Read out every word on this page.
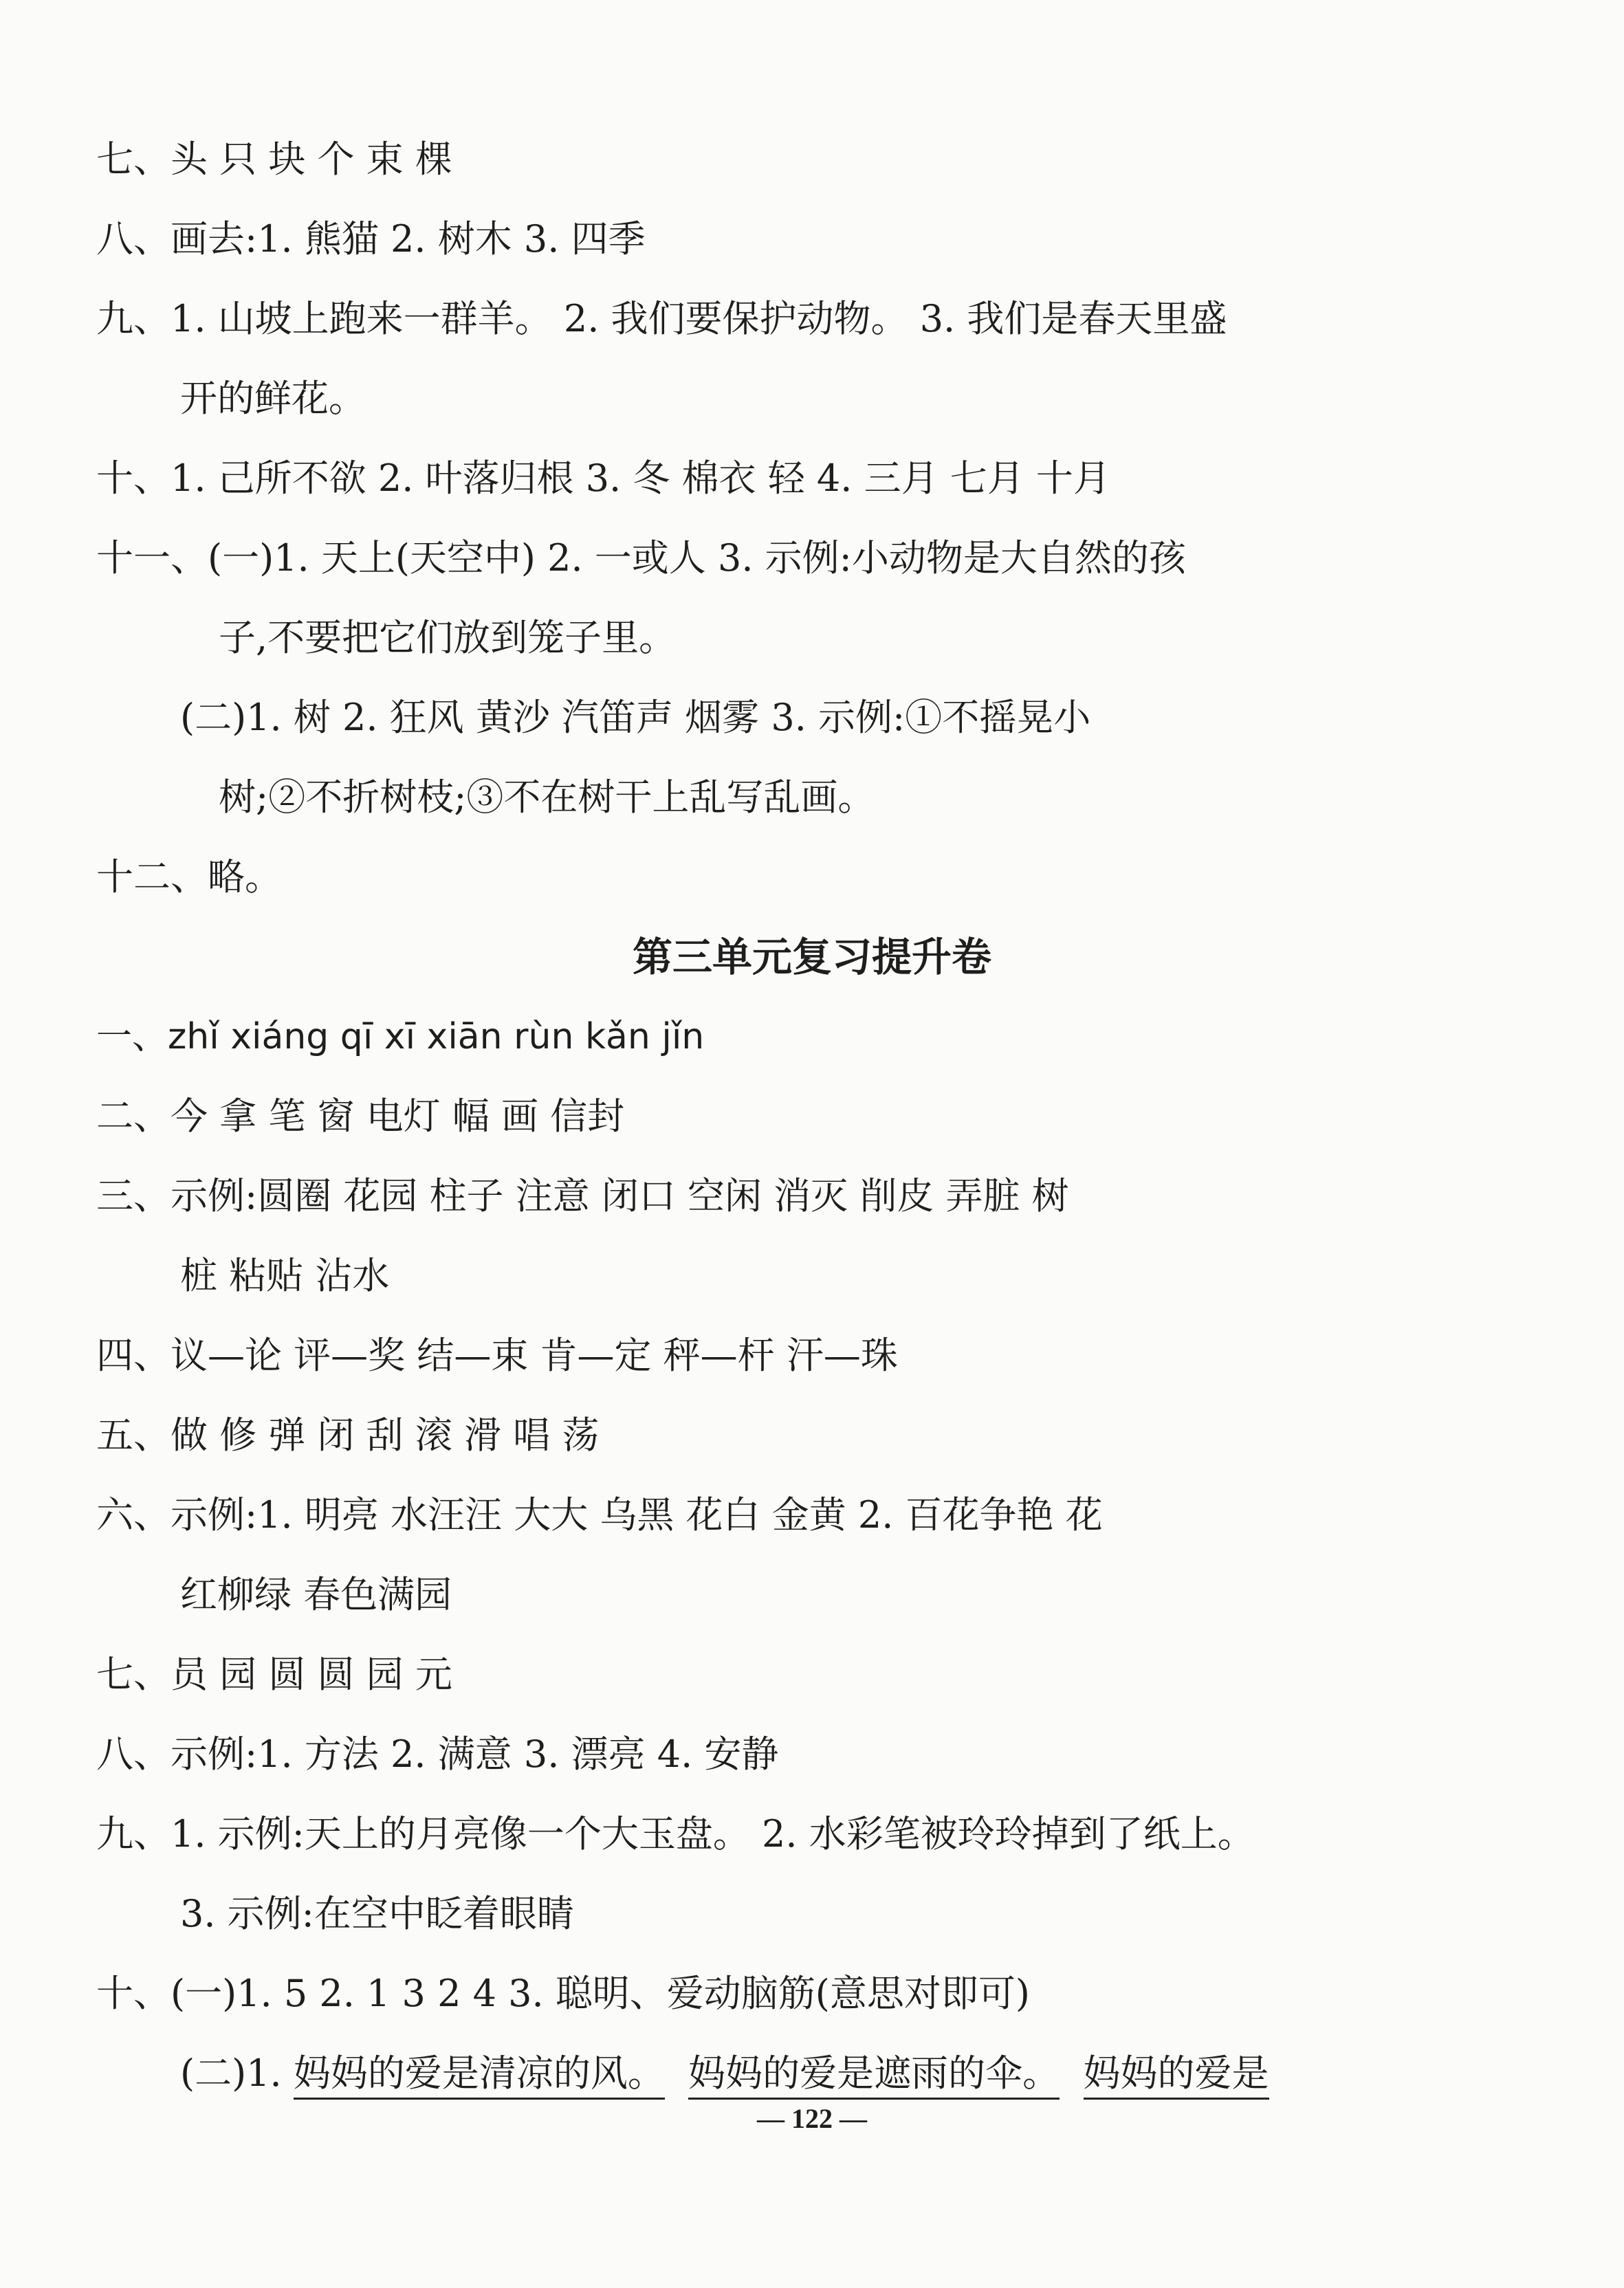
七、头 只 块 个 束 棵
八、画去:1. 熊猫 2. 树木 3. 四季
九、1. 山坡上跑来一群羊。 2. 我们要保护动物。 3. 我们是春天里盛
开的鲜花。
十、1. 己所不欲 2. 叶落归根 3. 冬 棉衣 轻 4. 三月 七月 十月
十一、(一)1. 天上(天空中) 2. 一或人 3. 示例:小动物是大自然的孩
子,不要把它们放到笼子里。
(二)1. 树 2. 狂风 黄沙 汽笛声 烟雾 3. 示例:①不摇晃小
树;②不折树枝;③不在树干上乱写乱画。
十二、略。
第三单元复习提升卷
一、zhǐ xiáng qī xī xiān rùn kǎn jǐn
二、今 拿 笔 窗 电灯 幅 画 信封
三、示例:圆圈 花园 柱子 注意 闭口 空闲 消灭 削皮 弄脏 树
桩 粘贴 沾水
四、议—论 评—奖 结—束 肯—定 秤—杆 汗—珠
五、做 修 弹 闭 刮 滚 滑 唱 荡
六、示例:1. 明亮 水汪汪 大大 乌黑 花白 金黄 2. 百花争艳 花
红柳绿 春色满园
七、员 园 圆 圆 园 元
八、示例:1. 方法 2. 满意 3. 漂亮 4. 安静
九、1. 示例:天上的月亮像一个大玉盘。 2. 水彩笔被玲玲掉到了纸上。
3. 示例:在空中眨着眼睛
十、(一)1. 5 2. 1 3 2 4 3. 聪明、爱动脑筋(意思对即可)
(二)1. 妈妈的爱是清凉的风。 妈妈的爱是遮雨的伞。 妈妈的爱是
— 122 —
